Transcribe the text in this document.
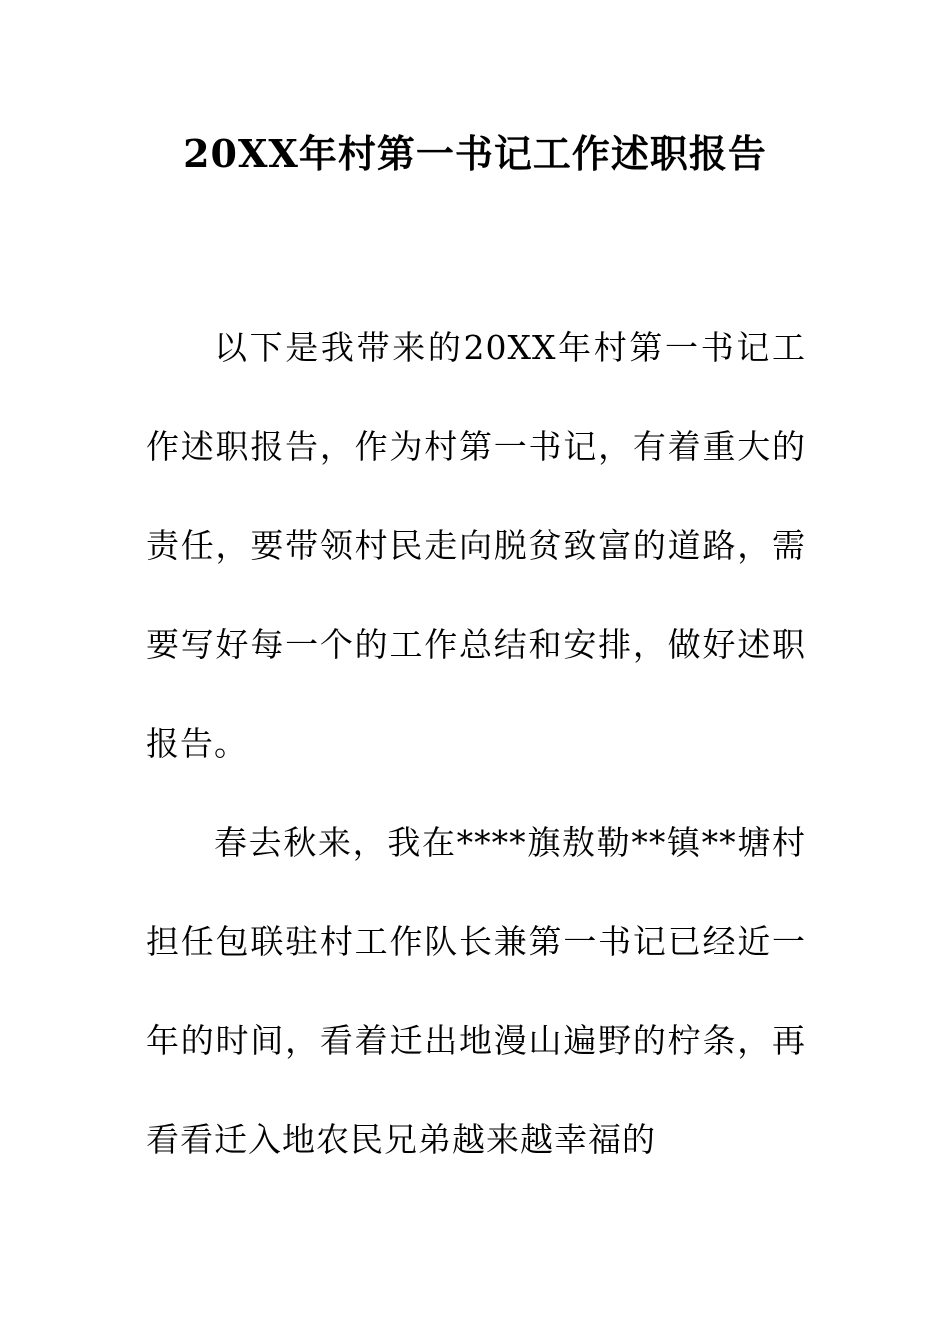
20XX年村第一书记工作述职报告

以下是我带来的20XX年村第一书记工作述职报告，作为村第一书记，有着重大的责任，要带领村民走向脱贫致富的道路，需要写好每一个的工作总结和安排，做好述职报告。

春去秋来，我在****旗敖勒**镇**塘村担任包联驻村工作队长兼第一书记已经近一年的时间，看着迁出地漫山遍野的柠条，再看看迁入地农民兄弟越来越幸福的
